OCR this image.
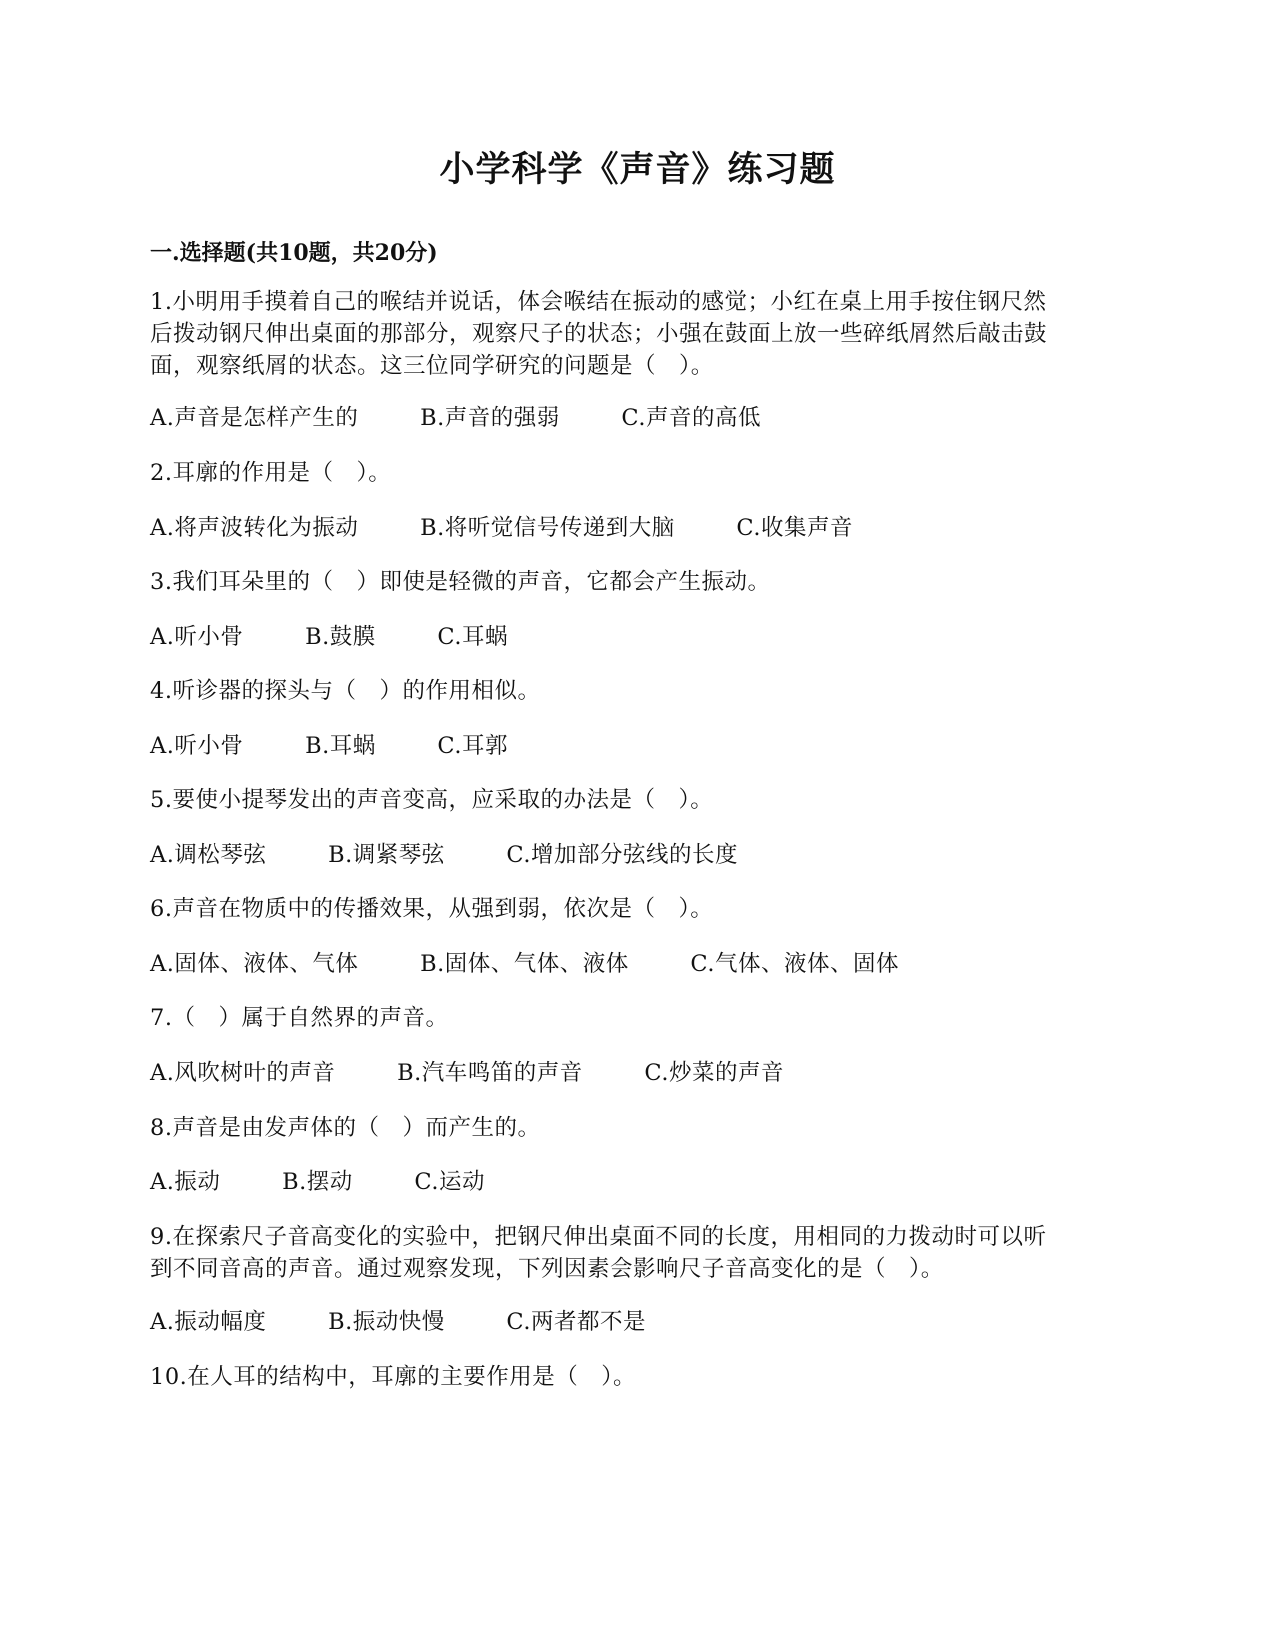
小学科学《声音》练习题
一.选择题(共10题，共20分)
1.小明用手摸着自己的喉结并说话，体会喉结在振动的感觉；小红在桌上用手按住钢尺然
后拨动钢尺伸出桌面的那部分，观察尺子的状态；小强在鼓面上放一些碎纸屑然后敲击鼓
面，观察纸屑的状态。这三位同学研究的问题是（　）。
A.声音是怎样产生的	B.声音的强弱	C.声音的高低
2.耳廓的作用是（　）。
A.将声波转化为振动	B.将听觉信号传递到大脑	C.收集声音
3.我们耳朵里的（　）即使是轻微的声音，它都会产生振动。
A.听小骨	B.鼓膜	C.耳蜗
4.听诊器的探头与（　）的作用相似。
A.听小骨	B.耳蜗	C.耳郭
5.要使小提琴发出的声音变高，应采取的办法是（　）。
A.调松琴弦	B.调紧琴弦	C.增加部分弦线的长度
6.声音在物质中的传播效果，从强到弱，依次是（　）。
A.固体、液体、气体	B.固体、气体、液体	C.气体、液体、固体
7.（　）属于自然界的声音。
A.风吹树叶的声音	B.汽车鸣笛的声音	C.炒菜的声音
8.声音是由发声体的（　）而产生的。
A.振动	B.摆动	C.运动
9.在探索尺子音高变化的实验中，把钢尺伸出桌面不同的长度，用相同的力拨动时可以听
到不同音高的声音。通过观察发现，下列因素会影响尺子音高变化的是（　）。
A.振动幅度	B.振动快慢	C.两者都不是
10.在人耳的结构中，耳廓的主要作用是（　）。
